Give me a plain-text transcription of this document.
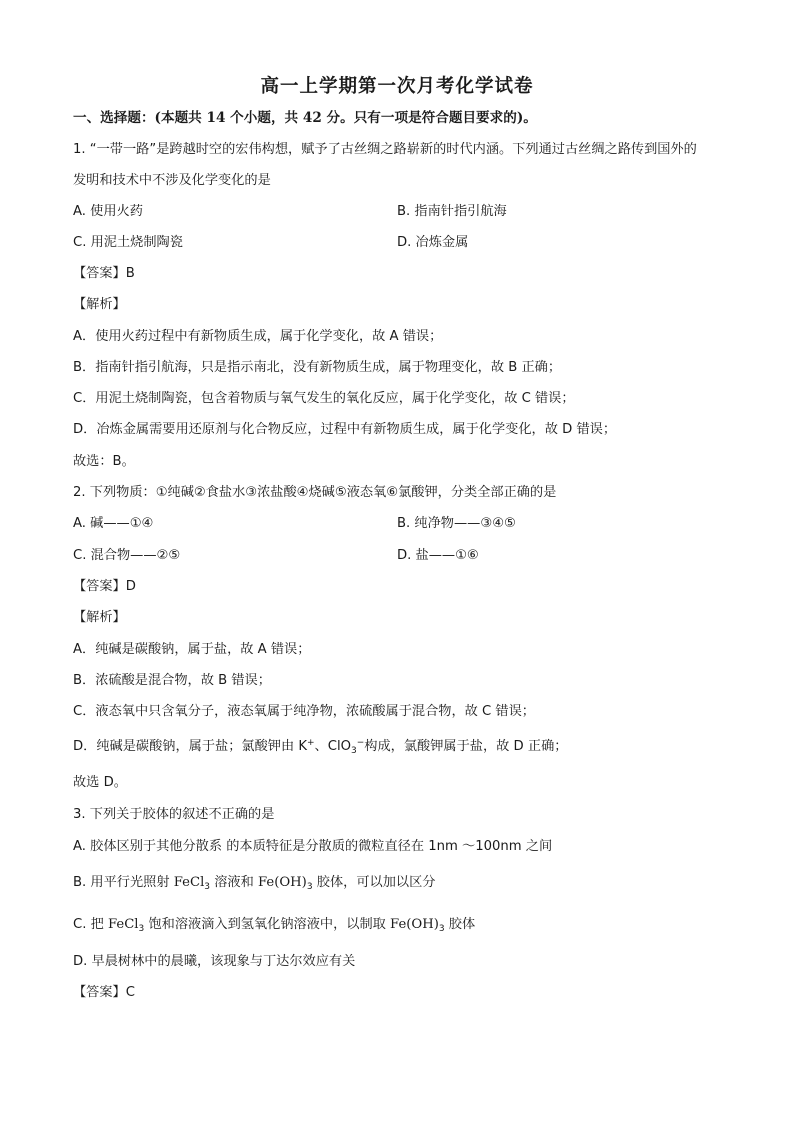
高一上学期第一次月考化学试卷
一、选择题：(本题共 14 个小题，共 42 分。只有一项是符合题目要求的)。
1. “一带一路”是跨越时空的宏伟构想，赋予了古丝绸之路崭新的时代内涵。下列通过古丝绸之路传到国外的
发明和技术中不涉及化学变化的是
A. 使用火药	B. 指南针指引航海
C. 用泥土烧制陶瓷	D. 冶炼金属
【答案】B
【解析】
A．使用火药过程中有新物质生成，属于化学变化，故 A 错误；
B．指南针指引航海，只是指示南北，没有新物质生成，属于物理变化，故 B 正确；
C．用泥土烧制陶瓷，包含着物质与氧气发生的氧化反应，属于化学变化，故 C 错误；
D．冶炼金属需要用还原剂与化合物反应，过程中有新物质生成，属于化学变化，故 D 错误；
故选：B。
2. 下列物质：①纯碱②食盐水③浓盐酸④烧碱⑤液态氧⑥氯酸钾，分类全部正确的是
A. 碱——①④	B. 纯净物——③④⑤
C. 混合物——②⑤	D. 盐——①⑥
【答案】D
【解析】
A．纯碱是碳酸钠，属于盐，故 A 错误；
B．浓硫酸是混合物，故 B 错误；
C．液态氧中只含氧分子，液态氧属于纯净物，浓硫酸属于混合物，故 C 错误；
D．纯碱是碳酸钠，属于盐；氯酸钾由 K+、ClO$_3$−构成，氯酸钾属于盐，故 D 正确；
故选 D。
3. 下列关于胶体的叙述不正确的是
A. 胶体区别于其他分散系 的本质特征是分散质的微粒直径在 1nm ～100nm 之间
B. 用平行光照射 FeCl$_3$ 溶液和 $Fe(OH)_3$ 胶体，可以加以区分
C. 把 FeCl$_3$ 饱和溶液滴入到氢氧化钠溶液中，以制取 $Fe(OH)_3$ 胶体
D. 早晨树林中的晨曦，该现象与丁达尔效应有关
【答案】C
